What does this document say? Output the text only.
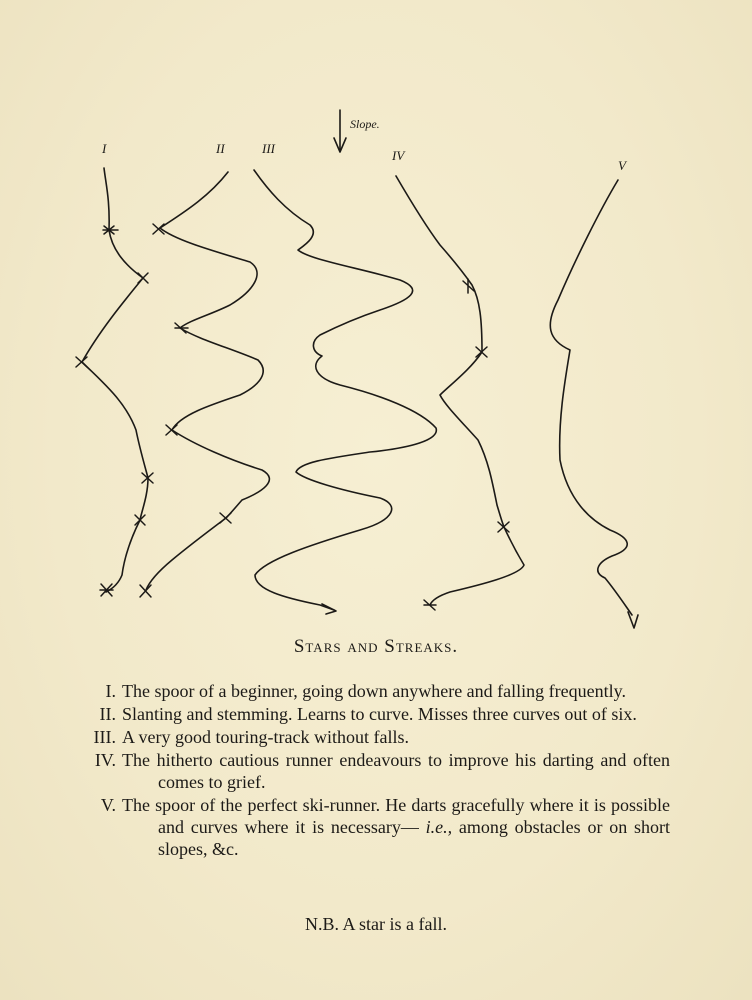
Slope.
I	II	III	IV
V
Stars and Streaks.
I. The spoor of a beginner, going down anywhere and falling frequently.
II. Slanting and stemming. Learns to curve. Misses three curves out of six.
III. A very good touring-track without falls.
IV. The hitherto cautious runner endeavours to improve his darting and often comes to grief.
V. The spoor of the perfect ski-runner. He darts gracefully where it is possible and curves where it is necessary— i.e., among obstacles or on short slopes, &c.
N.B. A star is a fall.
